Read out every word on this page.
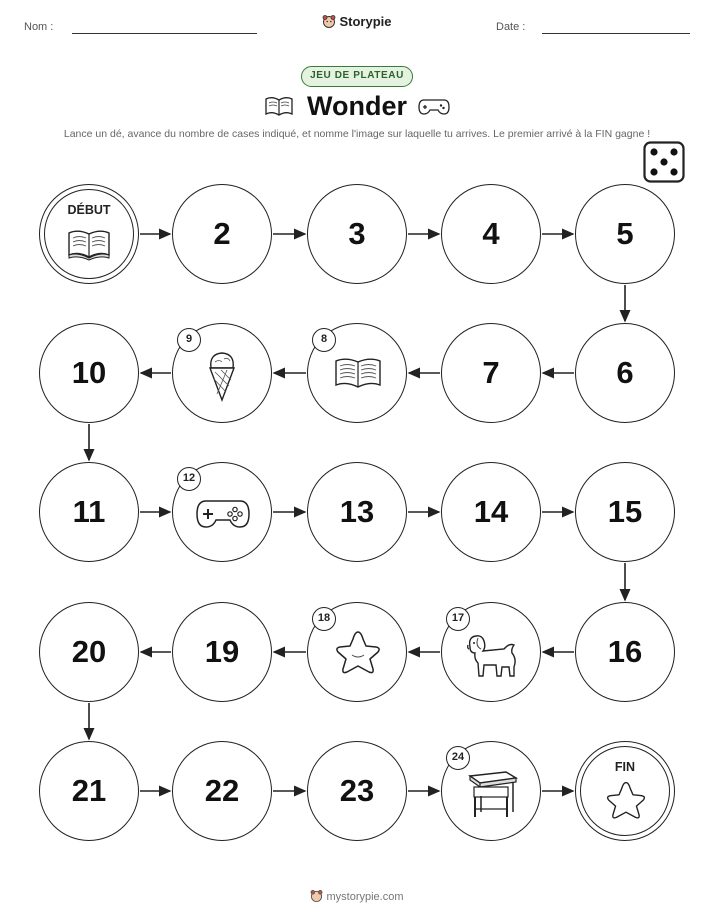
Nom :	Storypie	Date :
JEU DE PLATEAU
Wonder
Lance un dé, avance du nombre de cases indiqué, et nomme l'image sur laquelle tu arrives. Le premier arrivé à la FIN gagne !
DÉBUT
2	3	4	5
6
7
8
9
10
11
12
13	14	15
16
17
18
19
20
21	22	23
24
FIN
mystorypie.com
